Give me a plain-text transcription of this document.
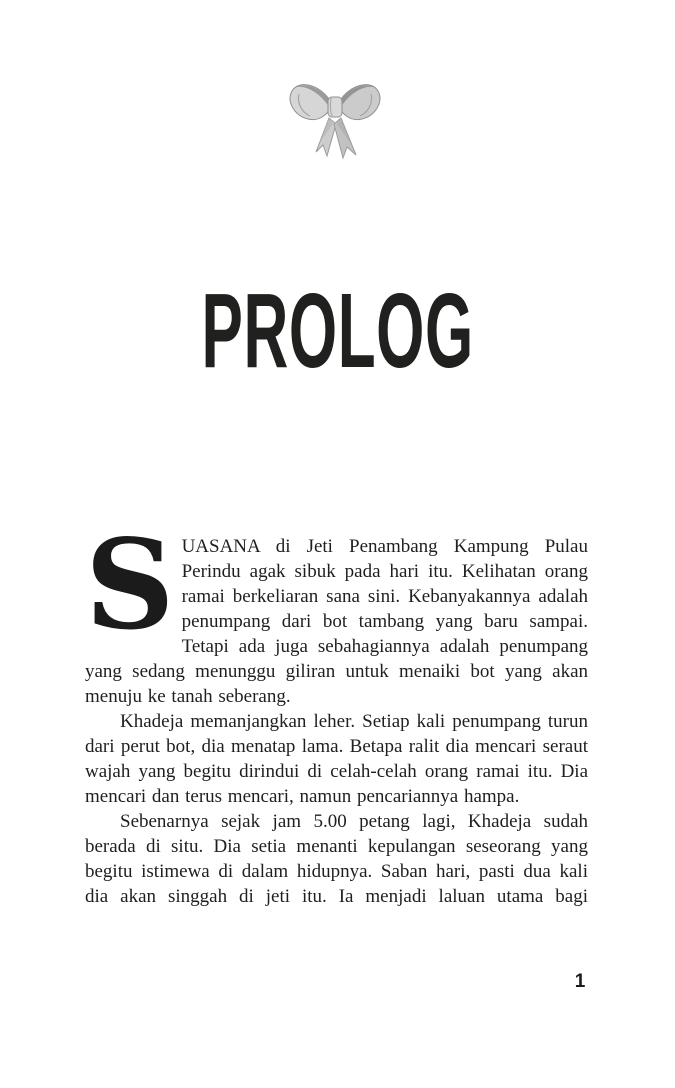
PROLOG

SUASANA di Jeti Penambang Kampung Pulau Perindu agak sibuk pada hari itu. Kelihatan orang ramai berkeliaran sana sini. Kebanyakannya adalah penumpang dari bot tambang yang baru sampai. Tetapi ada juga sebahagiannya adalah penumpang yang sedang menunggu giliran untuk menaiki bot yang akan menuju ke tanah seberang.

Khadeja memanjangkan leher. Setiap kali penumpang turun dari perut bot, dia menatap lama. Betapa ralit dia mencari seraut wajah yang begitu dirindui di celah-celah orang ramai itu. Dia mencari dan terus mencari, namun pencariannya hampa.

Sebenarnya sejak jam 5.00 petang lagi, Khadeja sudah berada di situ. Dia setia menanti kepulangan seseorang yang begitu istimewa di dalam hidupnya. Saban hari, pasti dua kali dia akan singgah di jeti itu. Ia menjadi laluan utama bagi

1
